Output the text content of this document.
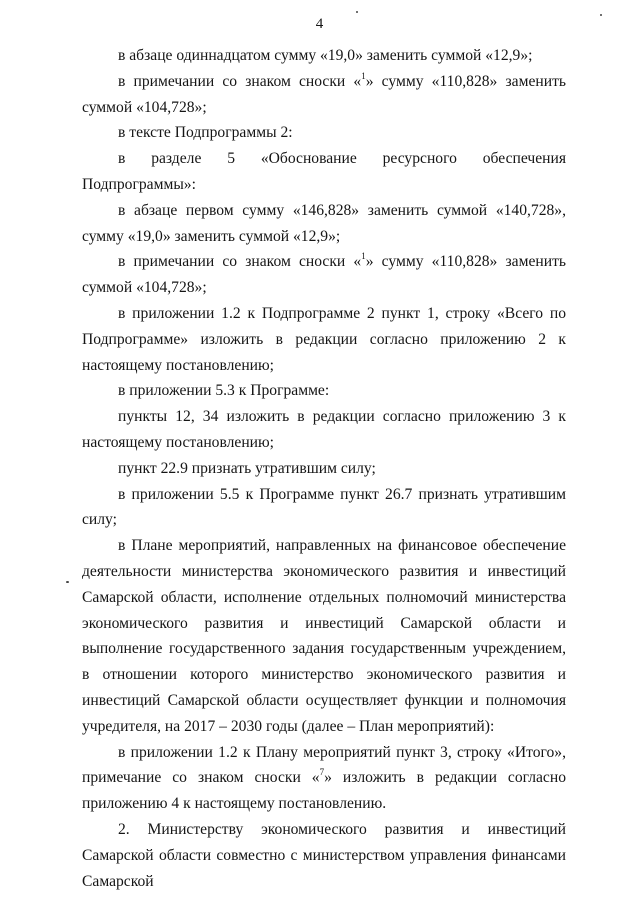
4

в абзаце одиннадцатом сумму «19,0» заменить суммой «12,9»;

в примечании со знаком сноски «$^1$» сумму «110,828» заменить суммой «104,728»;

в тексте Подпрограммы 2:

в разделе 5 «Обоснование ресурсного обеспечения Подпрограммы»:

в абзаце первом сумму «146,828» заменить суммой «140,728», сумму «19,0» заменить суммой «12,9»;

в примечании со знаком сноски «$^1$» сумму «110,828» заменить суммой «104,728»;

в приложении 1.2 к Подпрограмме 2 пункт 1, строку «Всего по Подпрограмме» изложить в редакции согласно приложению 2 к настоящему постановлению;

в приложении 5.3 к Программе:

пункты 12, 34 изложить в редакции согласно приложению 3 к настоящему постановлению;

пункт 22.9 признать утратившим силу;

в приложении 5.5 к Программе пункт 26.7 признать утратившим силу;

в Плане мероприятий, направленных на финансовое обеспечение деятельности министерства экономического развития и инвестиций Самарской области, исполнение отдельных полномочий министерства экономического развития и инвестиций Самарской области и выполнение государственного задания государственным учреждением, в отношении которого министерство экономического развития и инвестиций Самарской области осуществляет функции и полномочия учредителя, на 2017 – 2030 годы (далее – План мероприятий):

в приложении 1.2 к Плану мероприятий пункт 3, строку «Итого», примечание со знаком сноски «$^7$» изложить в редакции согласно приложению 4 к настоящему постановлению.

2. Министерству экономического развития и инвестиций Самарской области совместно с министерством управления финансами Самарской
